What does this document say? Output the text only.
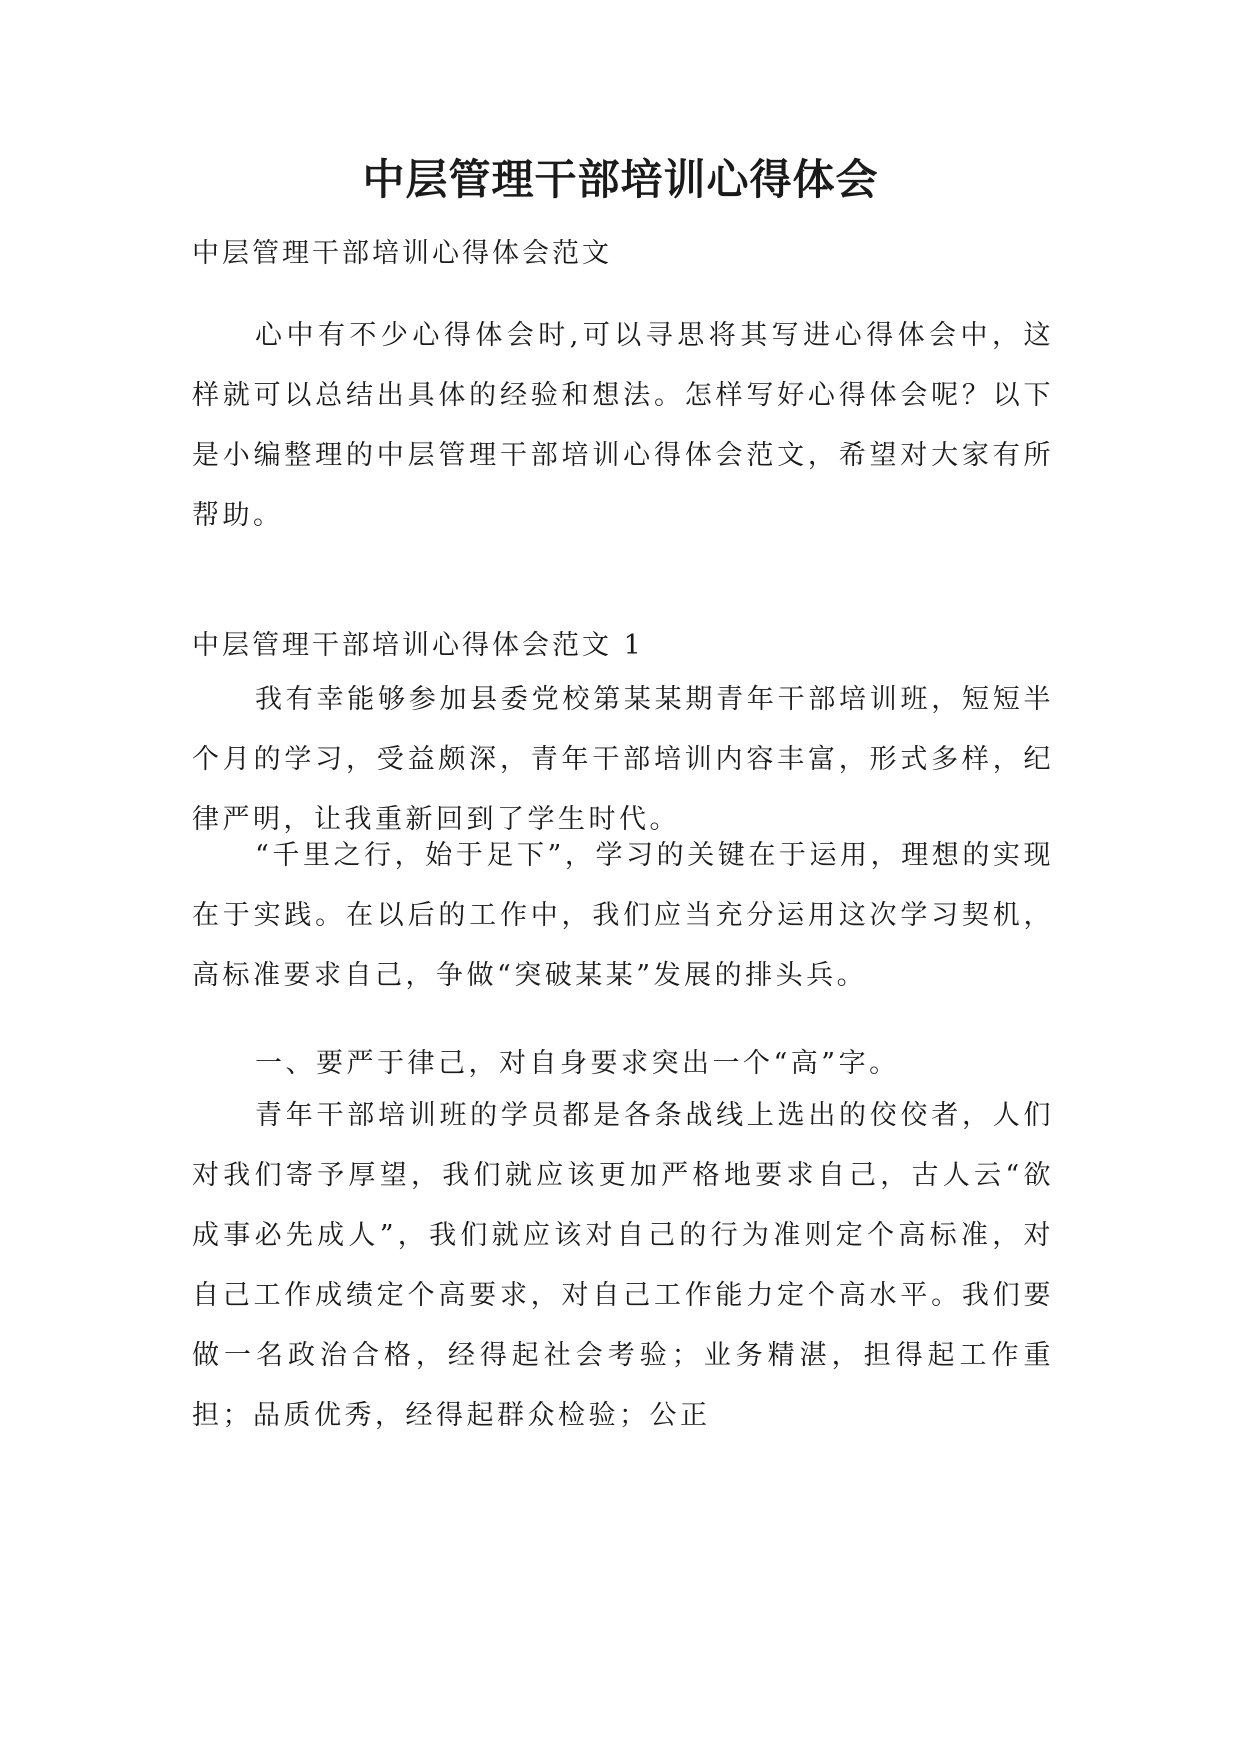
中层管理干部培训心得体会

中层管理干部培训心得体会范文

心中有不少心得体会时,可以寻思将其写进心得体会中，这样就可以总结出具体的经验和想法。怎样写好心得体会呢？以下是小编整理的中层管理干部培训心得体会范文，希望对大家有所帮助。

中层管理干部培训心得体会范文 1

我有幸能够参加县委党校第某某期青年干部培训班，短短半个月的学习，受益颇深，青年干部培训内容丰富，形式多样，纪律严明，让我重新回到了学生时代。

“千里之行，始于足下”，学习的关键在于运用，理想的实现在于实践。在以后的工作中，我们应当充分运用这次学习契机，高标准要求自己，争做“突破某某”发展的排头兵。

一、要严于律己，对自身要求突出一个“高”字。

青年干部培训班的学员都是各条战线上选出的佼佼者，人们对我们寄予厚望，我们就应该更加严格地要求自己，古人云“欲成事必先成人”，我们就应该对自己的行为准则定个高标准，对自己工作成绩定个高要求，对自己工作能力定个高水平。我们要做一名政治合格，经得起社会考验；业务精湛，担得起工作重担；品质优秀，经得起群众检验；公正
